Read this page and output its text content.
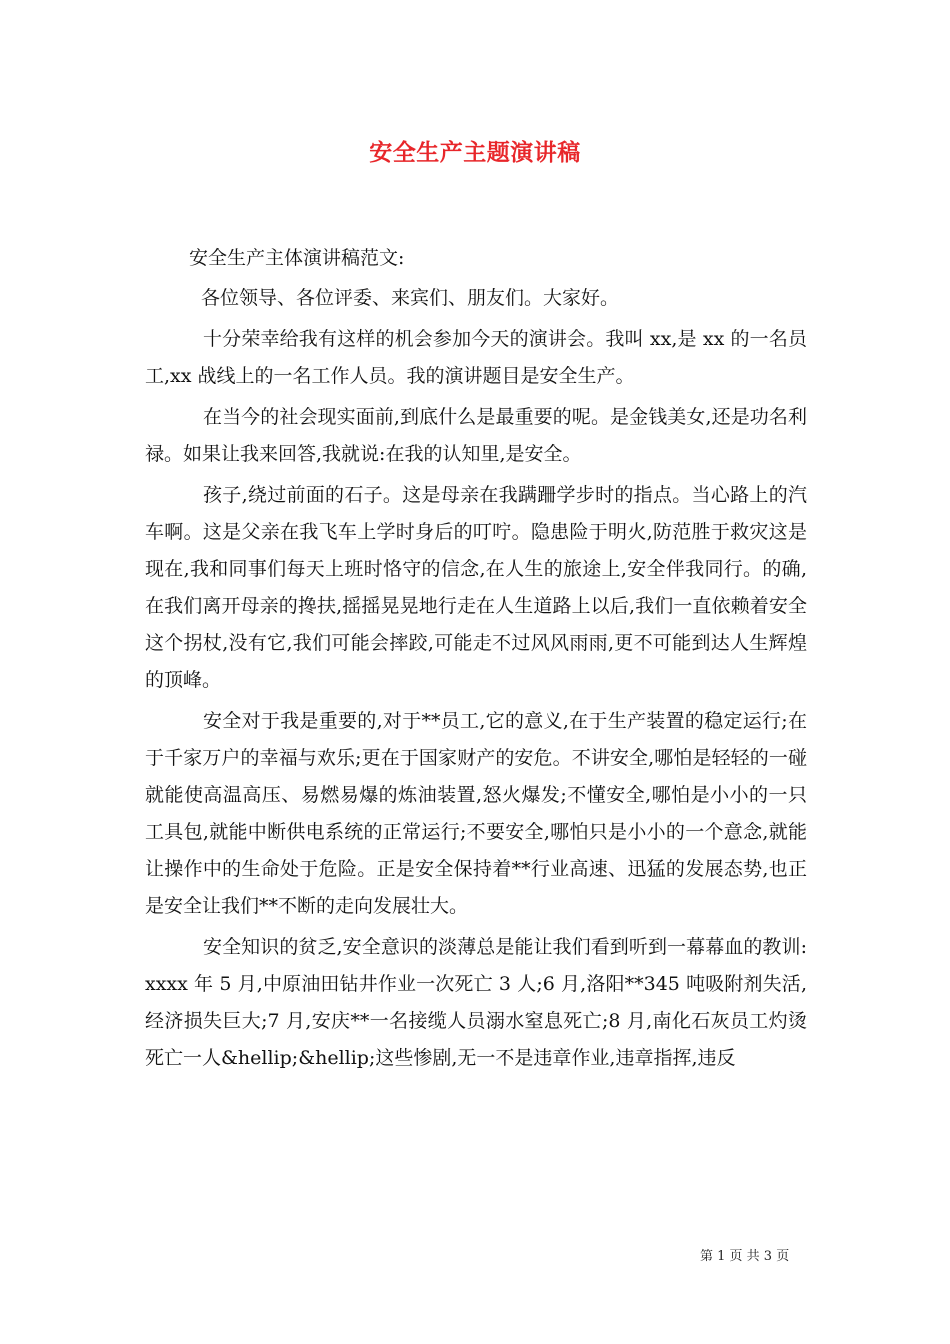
安全生产主题演讲稿

安全生产主体演讲稿范文:

各位领导、各位评委、来宾们、朋友们。大家好。

十分荣幸给我有这样的机会参加今天的演讲会。我叫 xx,是 xx 的一名员工,xx 战线上的一名工作人员。我的演讲题目是安全生产。

在当今的社会现实面前,到底什么是最重要的呢。是金钱美女,还是功名利禄。如果让我来回答,我就说:在我的认知里,是安全。

孩子,绕过前面的石子。这是母亲在我蹒跚学步时的指点。当心路上的汽车啊。这是父亲在我飞车上学时身后的叮咛。隐患险于明火,防范胜于救灾这是现在,我和同事们每天上班时恪守的信念,在人生的旅途上,安全伴我同行。的确,在我们离开母亲的搀扶,摇摇晃晃地行走在人生道路上以后,我们一直依赖着安全这个拐杖,没有它,我们可能会摔跤,可能走不过风风雨雨,更不可能到达人生辉煌的顶峰。

安全对于我是重要的,对于**员工,它的意义,在于生产装置的稳定运行;在于千家万户的幸福与欢乐;更在于国家财产的安危。不讲安全,哪怕是轻轻的一碰就能使高温高压、易燃易爆的炼油装置,怒火爆发;不懂安全,哪怕是小小的一只工具包,就能中断供电系统的正常运行;不要安全,哪怕只是小小的一个意念,就能让操作中的生命处于危险。正是安全保持着**行业高速、迅猛的发展态势,也正是安全让我们**不断的走向发展壮大。

安全知识的贫乏,安全意识的淡薄总是能让我们看到听到一幕幕血的教训:xxxx 年 5 月,中原油田钻井作业一次死亡 3 人;6 月,洛阳**345 吨吸附剂失活,经济损失巨大;7 月,安庆**一名接缆人员溺水窒息死亡;8 月,南化石灰员工灼烫死亡一人&hellip;&hellip;这些惨剧,无一不是违章作业,违章指挥,违反

第 1 页 共 3 页
